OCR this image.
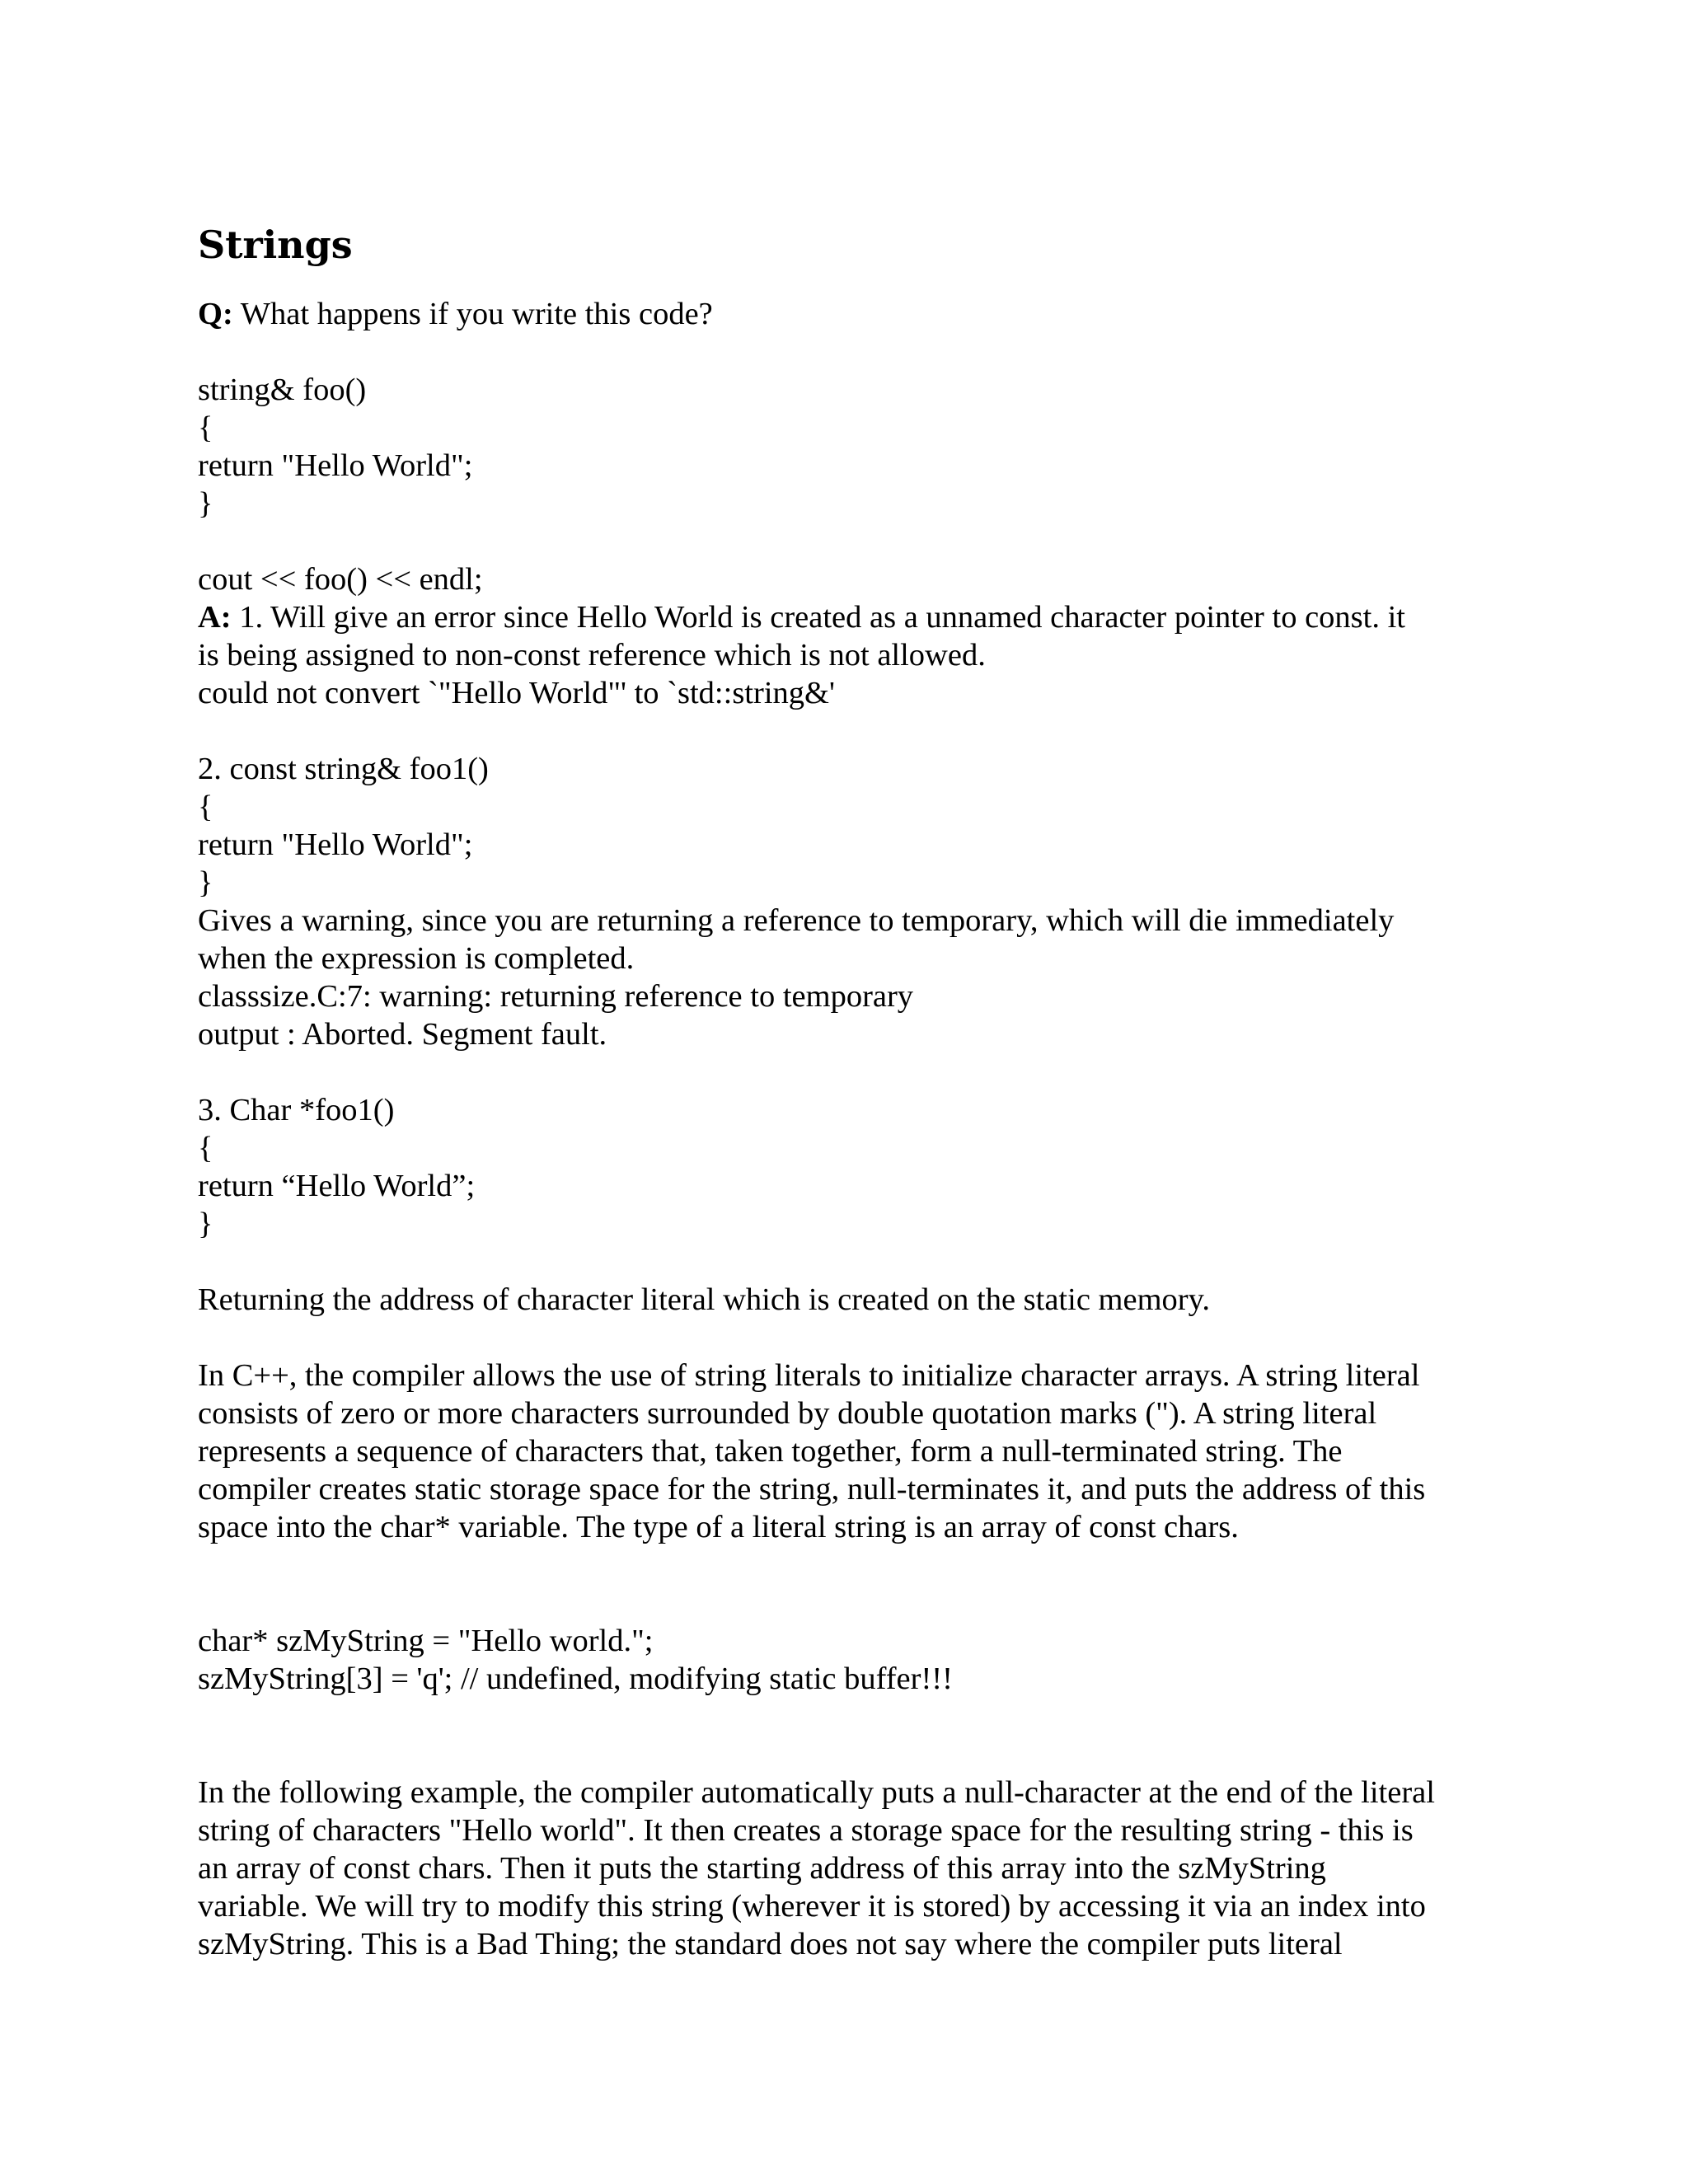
Strings
Q: What happens if you write this code?
string& foo()
{
return "Hello World";
}
cout << foo() << endl;
A: 1. Will give an error since Hello World is created as a unnamed character pointer to const. it
is being assigned to non-const reference which is not allowed.
could not convert `"Hello World"' to `std::string&'
2. const string& foo1()
{
return "Hello World";
}
Gives a warning, since you are returning a reference to temporary, which will die immediately
when the expression is completed.
classsize.C:7: warning: returning reference to temporary
output : Aborted. Segment fault.
3. Char *foo1()
{
return “Hello World”;
}
Returning the address of character literal which is created on the static memory.
In C++, the compiler allows the use of string literals to initialize character arrays. A string literal
consists of zero or more characters surrounded by double quotation marks ("). A string literal
represents a sequence of characters that, taken together, form a null-terminated string. The
compiler creates static storage space for the string, null-terminates it, and puts the address of this
space into the char* variable. The type of a literal string is an array of const chars.
char* szMyString = "Hello world.";
szMyString[3] = 'q'; // undefined, modifying static buffer!!!
In the following example, the compiler automatically puts a null-character at the end of the literal
string of characters "Hello world". It then creates a storage space for the resulting string - this is
an array of const chars. Then it puts the starting address of this array into the szMyString
variable. We will try to modify this string (wherever it is stored) by accessing it via an index into
szMyString. This is a Bad Thing; the standard does not say where the compiler puts literal
